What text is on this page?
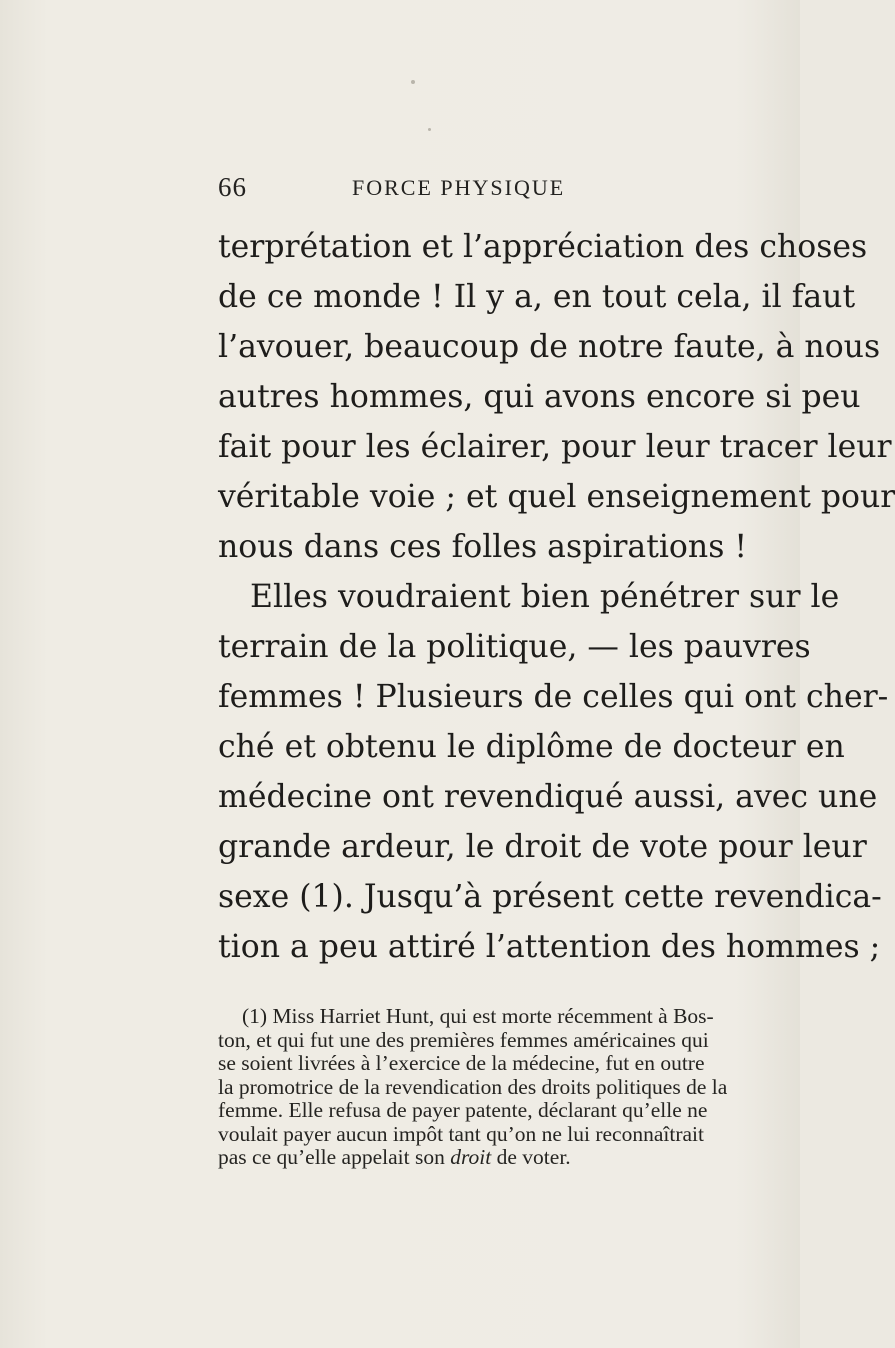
66	FORCE PHYSIQUE
terprétation et l’appréciation des choses
de ce monde ! Il y a, en tout cela, il faut
l’avouer, beaucoup de notre faute, à nous
autres hommes, qui avons encore si peu
fait pour les éclairer, pour leur tracer leur
véritable voie ; et quel enseignement pour
nous dans ces folles aspirations !
Elles voudraient bien pénétrer sur le
terrain de la politique, — les pauvres
femmes ! Plusieurs de celles qui ont cher-
ché et obtenu le diplôme de docteur en
médecine ont revendiqué aussi, avec une
grande ardeur, le droit de vote pour leur
sexe (1). Jusqu’à présent cette revendica-
tion a peu attiré l’attention des hommes ;
(1) Miss Harriet Hunt, qui est morte récemment à Bos-
ton, et qui fut une des premières femmes américaines qui
se soient livrées à l’exercice de la médecine, fut en outre
la promotrice de la revendication des droits politiques de la
femme. Elle refusa de payer patente, déclarant qu’elle ne
voulait payer aucun impôt tant qu’on ne lui reconnaîtrait
pas ce qu’elle appelait son droit de voter.
